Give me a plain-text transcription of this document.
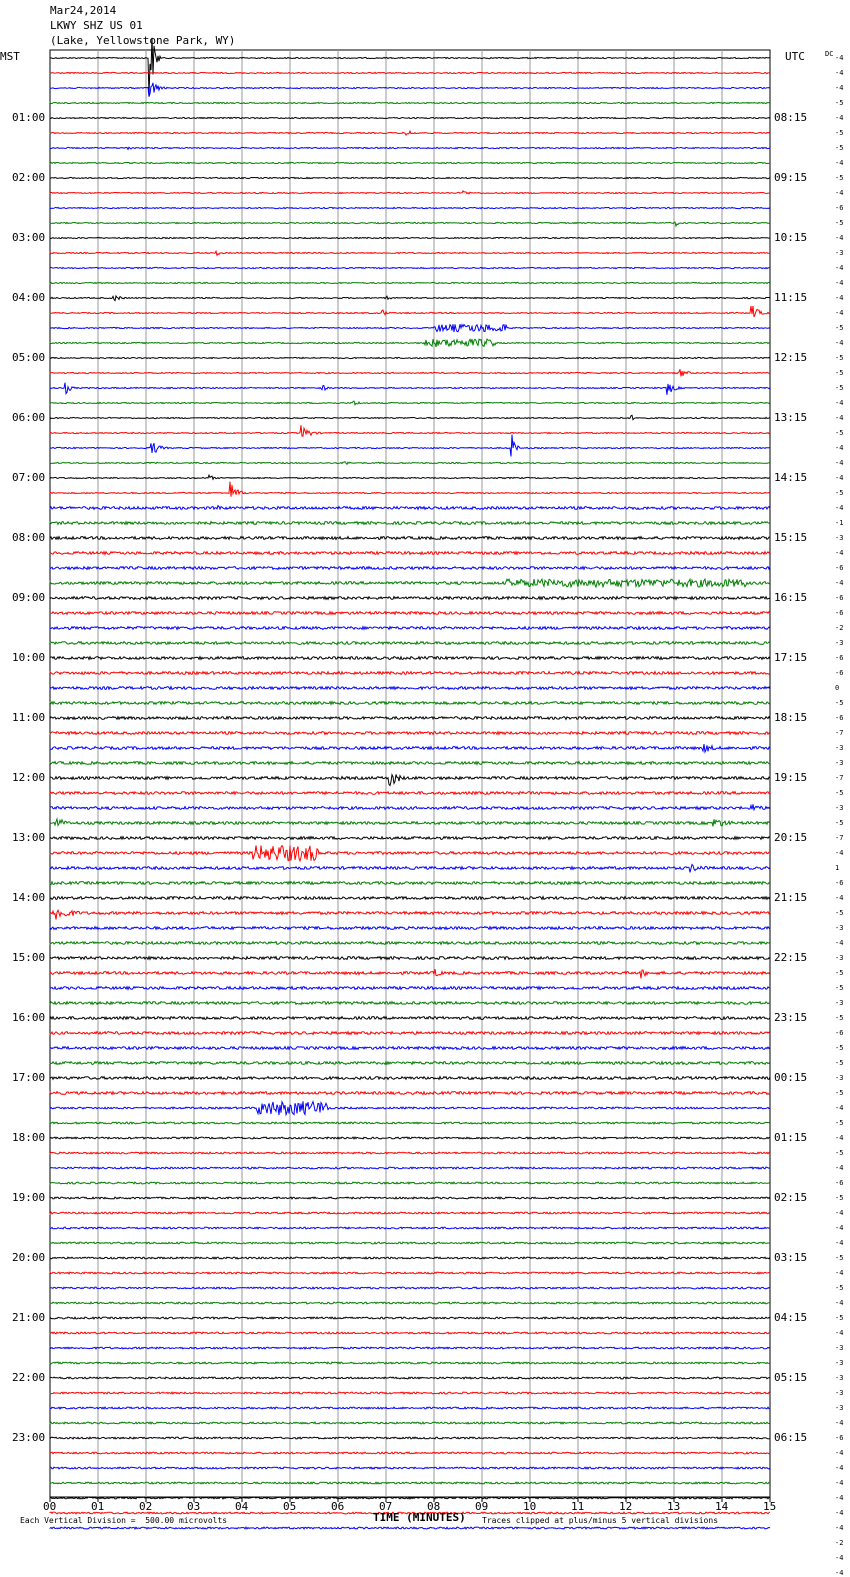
Mar24,2014
LKWY SHZ US 01
(Lake, Yellowstone Park, WY)
MST	UTC	DC
01:00
02:00
03:00
04:00
05:00
06:00
07:00
08:00
09:00
10:00
11:00
12:00
13:00
14:00
15:00
16:00
17:00
18:00
19:00
20:00
21:00
22:00
23:00
08:15
09:15
10:15
11:15
12:15
13:15
14:15
15:15
16:15
17:15
18:15
19:15
20:15
21:15
22:15
23:15
00:15
01:15
02:15
03:15
04:15
05:15
06:15
-4
-4
-4
-5
-4
-5
-5
-4
-5
-4
-6
-5
-4
-3
-4
-4
-4
-4
-5
-4
-5
-5
-5
-4
-4
-5
-4
-4
-4
-5
-4
-1
-3
-4
-6
-4
-6
-6
-2
-3
-6
-6
0
-5
-6
-7
-3
-3
-7
-5
-3
-5
-7
-4
1
-6
-4
-5
-3
-4
-3
-5
-5
-3
-5
-6
-5
-5
-3
-5
-4
-5
-4
-5
-4
-6
-5
-4
-4
-4
-5
-4
-5
-4
-5
-4
-3
-3
-3
-3
-3
-4
-6
-4
-4
-4
-4
-4
-4
-2
-4
-4
00	01	02	03	04	05	06	07	08	09	10	11	12	13	14	15
TIME (MINUTES)
Each Vertical Division =  500.00 microvolts	Traces clipped at plus/minus 5 vertical divisions
